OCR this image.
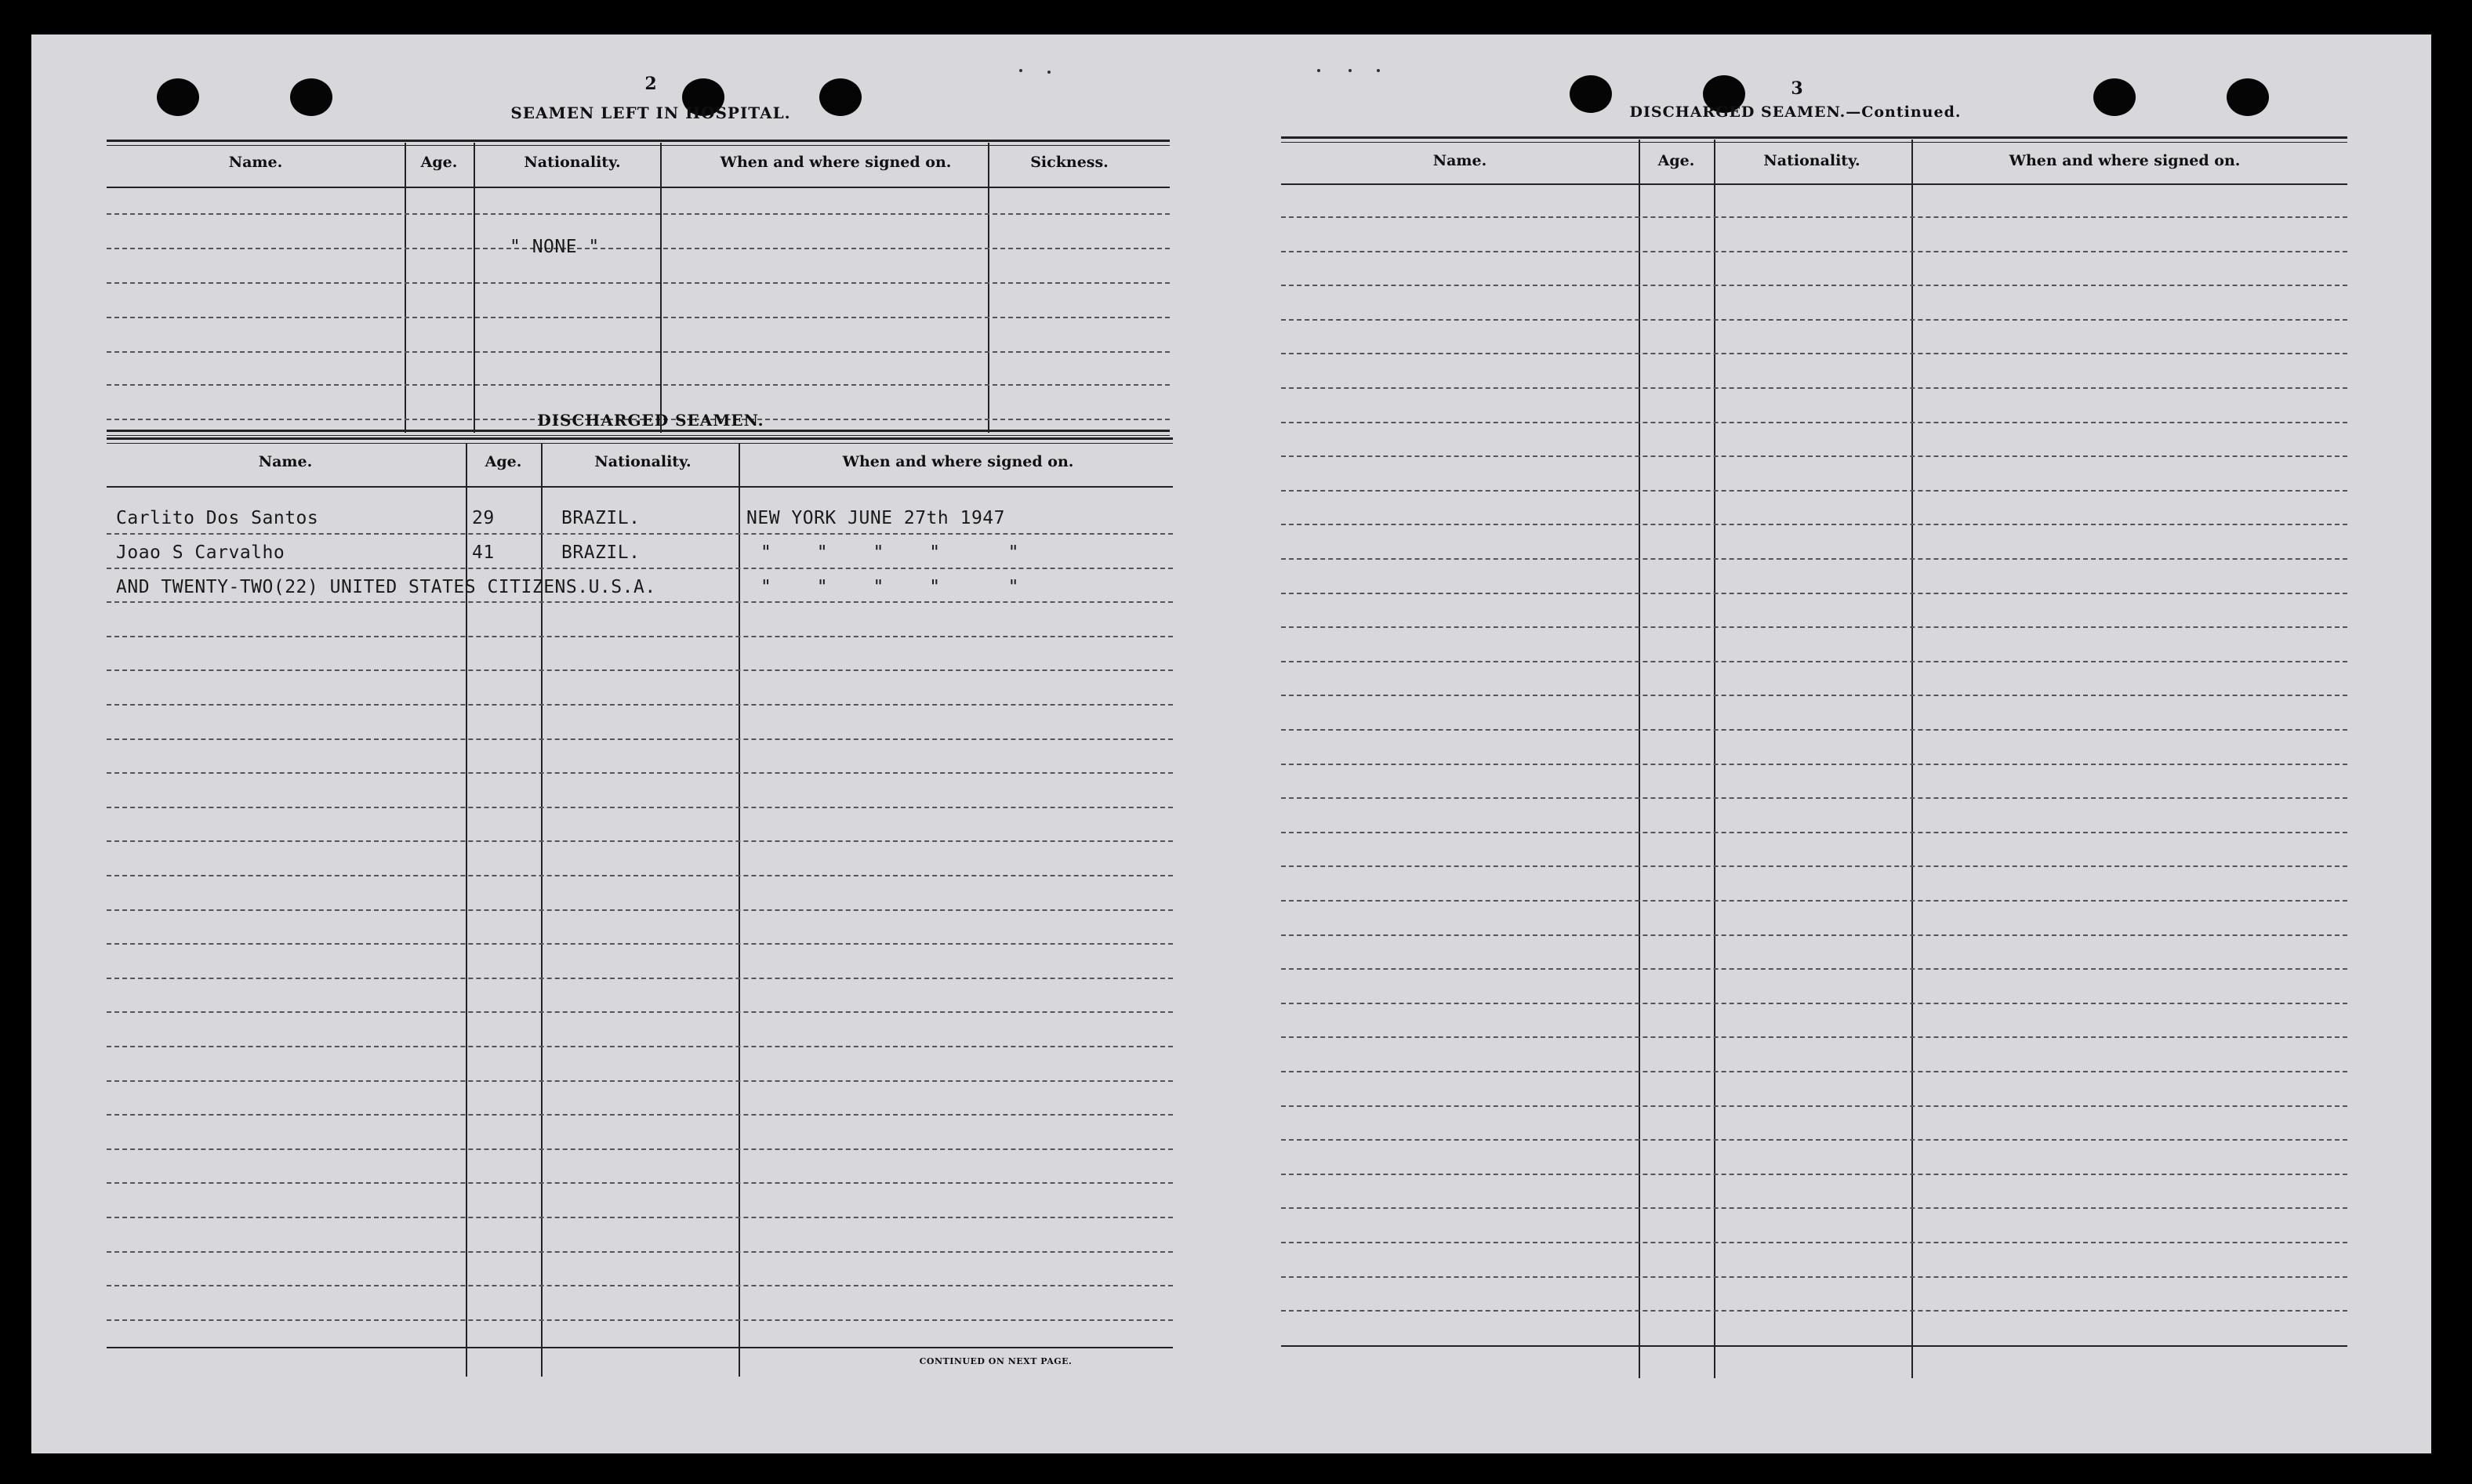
2
SEAMEN LEFT IN HOSPITAL.
Name.	Age.	Nationality.	When and where signed on.	Sickness.
" NONE "
DISCHARGED SEAMEN.
Name.	Age.	Nationality.	When and where signed on.
Carlito Dos Santos	29	BRAZIL.	NEW YORK JUNE 27th 1947
Joao S Carvalho	41	BRAZIL.	"    "    "    "      "
AND TWENTY-TWO(22) UNITED STATES CITIZENS.U.S.A.	"    "    "    "      "
CONTINUED ON NEXT PAGE.
3
DISCHARGED SEAMEN.—Continued.
Name.	Age.	Nationality.	When and where signed on.
